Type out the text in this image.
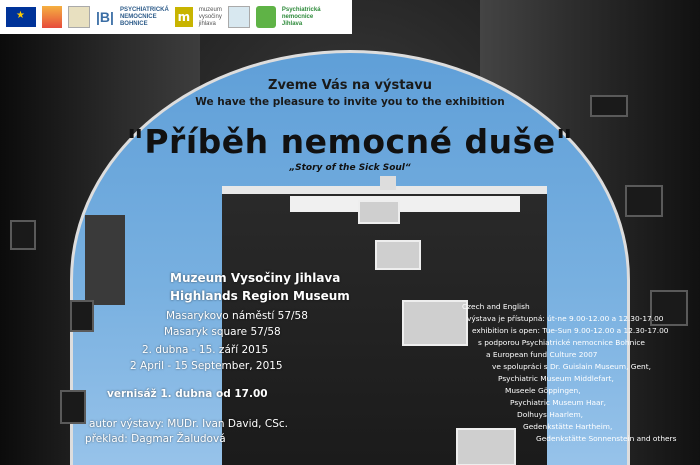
★
|B| PSYCHIATRICKÁ
NEMOCNICE
BOHNICE	m
muzeum
vysočiny
jihlava
Psychiatrická
nemocnice
Jihlava
Zveme Vás na výstavu
We have the pleasure to invite you to the exhibition
"Příběh nemocné duše"
„Story of the Sick Soul“
Muzeum Vysočiny Jihlava
Highlands Region Museum
Masarykovo náměstí 57/58
Masaryk square 57/58
2. dubna - 15. září 2015
2 April - 15 September, 2015
vernisáž 1. dubna od 17.00
autor výstavy: MUDr. Ivan David, CSc.
překlad: Dagmar Žaludová
Czech and English
výstava je přístupná: út-ne 9.00-12.00 a 12.30-17.00
exhibition is open: Tue-Sun 9.00-12.00 a 12.30-17.00
s podporou Psychiatrické nemocnice Bohnice
a European fund Culture 2007
ve spolupráci s Dr. Guislain Museum, Gent,
Psychiatric Museum Middlefart,
Museele Göppingen,
Psychiatric Museum Haar,
Dolhuys Haarlem,
Gedenkstätte Hartheim,
Gedenkstätte Sonnenstein and others
